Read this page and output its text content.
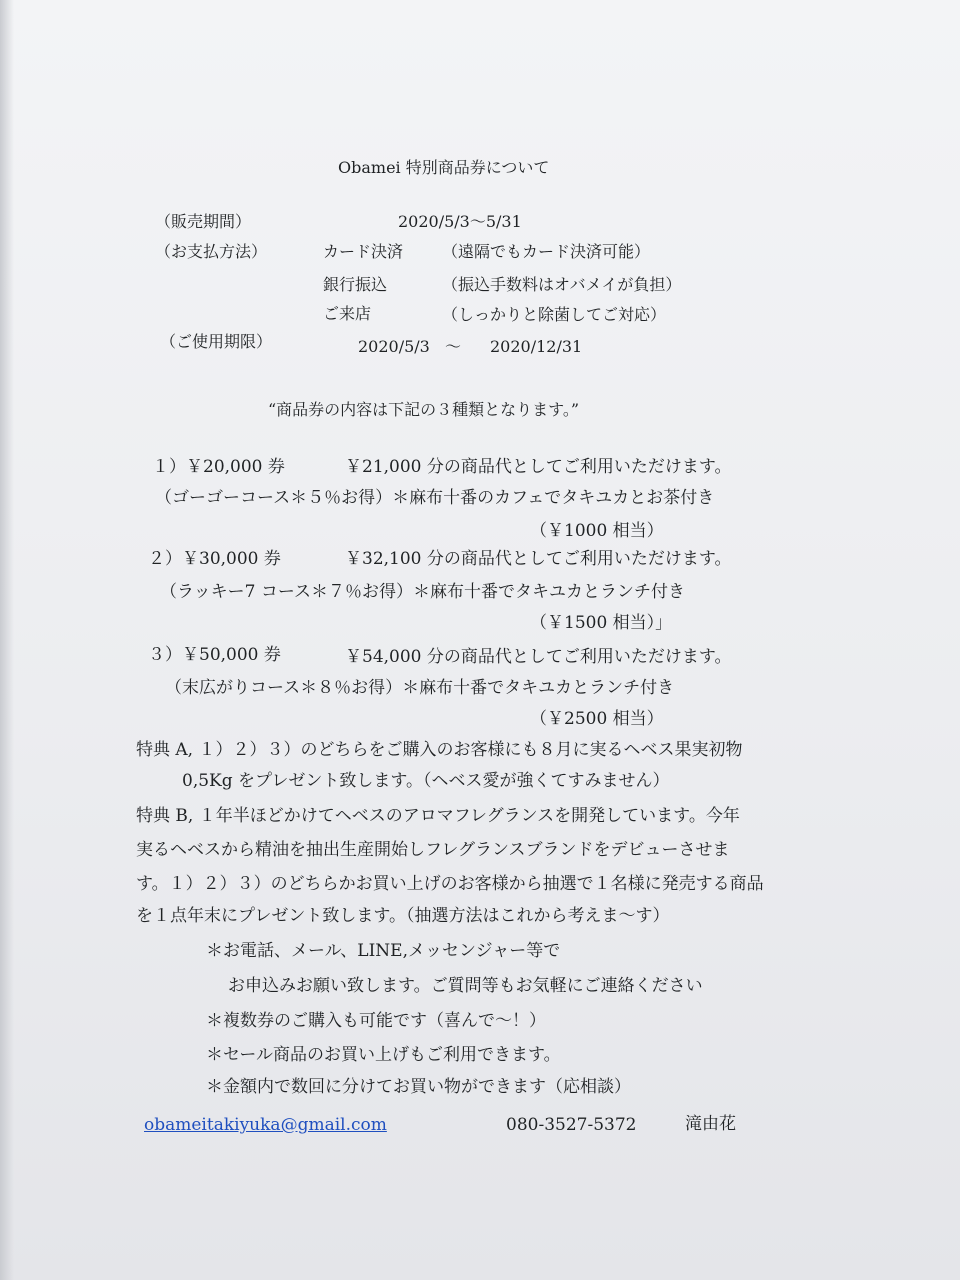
Obamei 特別商品券について
（販売期間）	2020/5/3～5/31
（お支払方法）	カード決済 （遠隔でもカード決済可能）
銀行振込	（振込手数料はオバメイが負担）
ご来店	（しっかりと除菌してご対応）
（ご使用期限）	2020/5/3 ～ 2020/12/31
“商品券の内容は下記の３種類となります。”
１）￥20,000 券	￥21,000 分の商品代としてご利用いただけます。
（ゴーゴーコース＊５％お得）＊麻布十番のカフェでタキユカとお茶付き
（￥1000 相当）
２）￥30,000 券	￥32,100 分の商品代としてご利用いただけます。
（ラッキー7 コース＊７％お得）＊麻布十番でタキユカとランチ付き
（￥1500 相当）」
３）￥50,000 券	￥54,000 分の商品代としてご利用いただけます。
（末広がりコース＊８％お得）＊麻布十番でタキユカとランチ付き
（￥2500 相当）
特典 A, １）２）３）のどちらをご購入のお客様にも８月に実るヘベス果実初物
0,5Kg をプレゼント致します。（ヘベス愛が強くてすみません）
特典 B, １年半ほどかけてヘベスのアロマフレグランスを開発しています。今年
実るヘベスから精油を抽出生産開始しフレグランスブランドをデビューさせま
す。１）２）３）のどちらかお買い上げのお客様から抽選で１名様に発売する商品
を１点年末にプレゼント致します。（抽選方法はこれから考えま～す）
＊お電話、メール、LINE,メッセンジャー等で
お申込みお願い致します。ご質問等もお気軽にご連絡ください
＊複数券のご購入も可能です（喜んで～！）
＊セール商品のお買い上げもご利用できます。
＊金額内で数回に分けてお買い物ができます（応相談）
obameitakiyuka@gmail.com	080-3527-5372	滝由花
